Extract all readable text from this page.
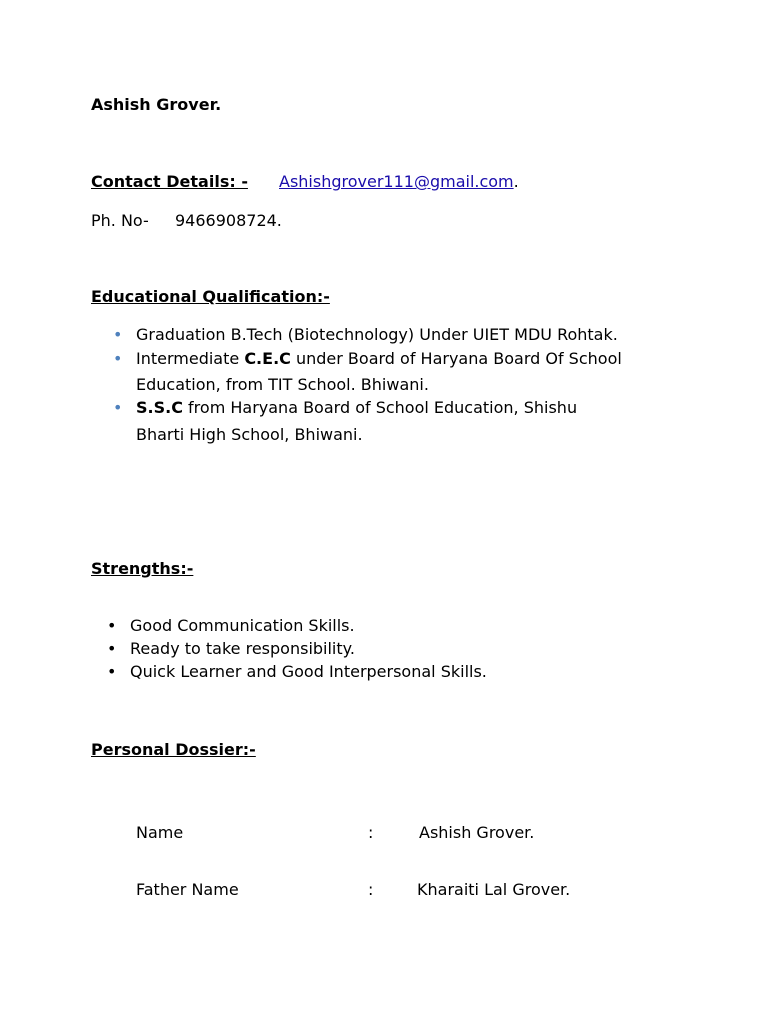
Ashish Grover.
Contact Details: - Ashishgrover111@gmail.com.
Ph. No- 9466908724.
Educational Qualification:-
• Graduation B.Tech (Biotechnology) Under UIET MDU Rohtak.
• Intermediate C.E.C under Board of Haryana Board Of School
Education, from TIT School. Bhiwani.
• S.S.C from Haryana Board of School Education, Shishu
Bharti High School, Bhiwani.
Strengths:-
• Good Communication Skills.
• Ready to take responsibility.
• Quick Learner and Good Interpersonal Skills.
Personal Dossier:-
Name	:	Ashish Grover.
Father Name	:	Kharaiti Lal Grover.
